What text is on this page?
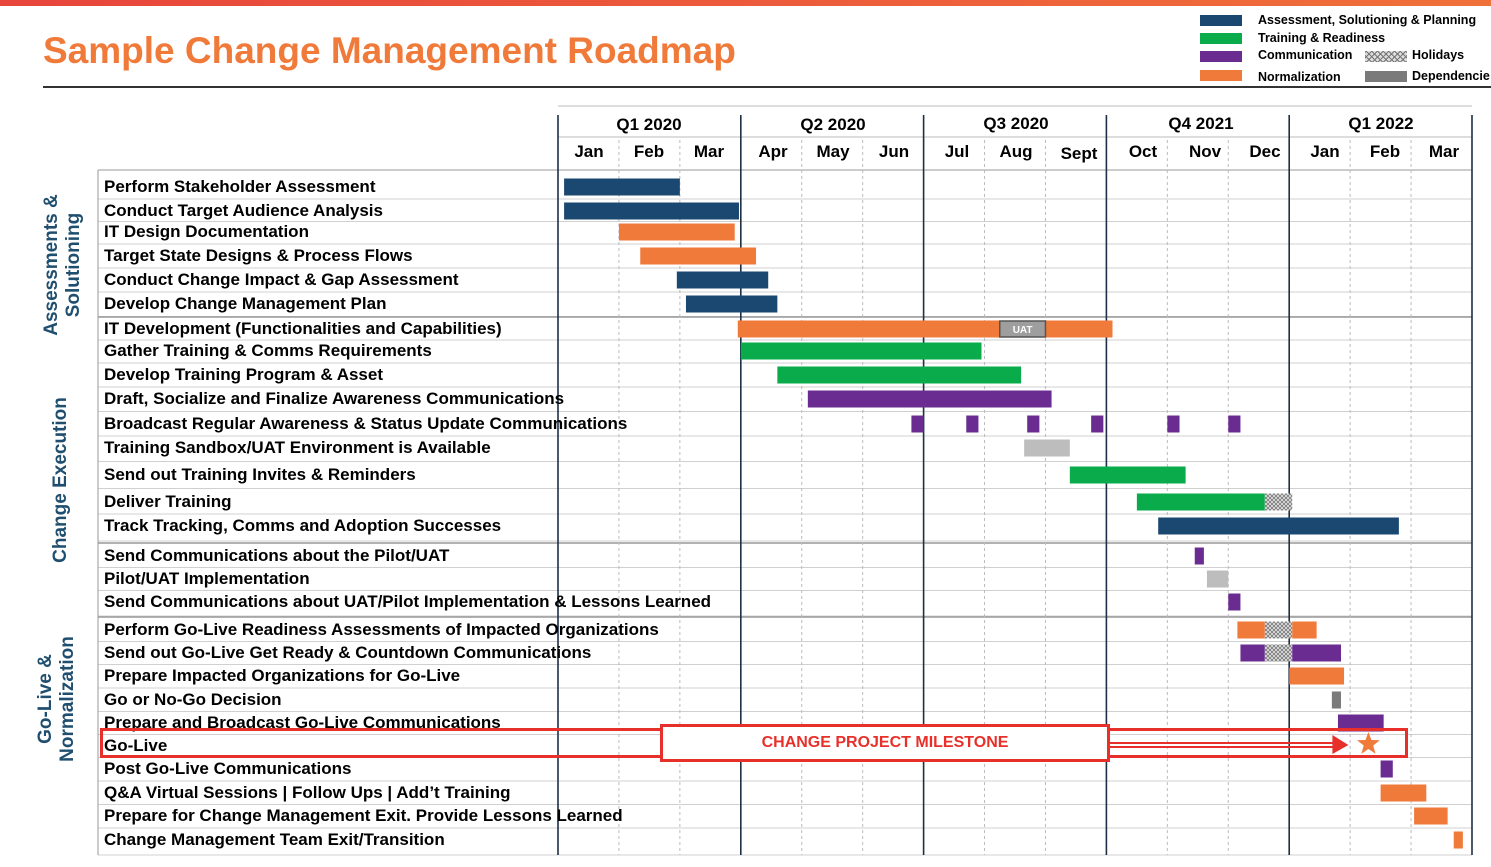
Sample Change Management Roadmap
Assessment, Solutioning & Planning
Training & Readiness
Communication	Holidays
Normalization	Dependencie
Q1 2020	Q2 2020	Q3 2020	Q4 2021	Q1 2022
Jan Feb Mar Apr May Jun Jul Aug Sept Oct Nov Dec Jan Feb Mar
Assessments & Solutioning
Change Execution
Go-Live & Normalization
UAT
Perform Stakeholder Assessment
Conduct Target Audience Analysis
IT Design Documentation
Target State Designs & Process Flows
Conduct Change Impact & Gap Assessment
Develop Change Management Plan
IT Development (Functionalities and Capabilities)
Gather Training & Comms Requirements
Develop Training Program & Asset
Draft, Socialize and Finalize Awareness Communications
Broadcast Regular Awareness & Status Update Communications
Training Sandbox/UAT Environment is Available
Send out Training Invites & Reminders
Deliver Training
Track Tracking, Comms and Adoption Successes
Send Communications about the Pilot/UAT
Pilot/UAT Implementation
Send Communications about UAT/Pilot Implementation & Lessons Learned
Perform Go-Live Readiness Assessments of Impacted Organizations
Send out Go-Live Get Ready & Countdown Communications
Prepare Impacted Organizations for Go-Live
Go or No-Go Decision
Prepare and Broadcast Go-Live Communications
Go-Live
Post Go-Live Communications
Q&A Virtual Sessions | Follow Ups | Add’t Training
Prepare for Change Management Exit. Provide Lessons Learned
Change Management Team Exit/Transition
CHANGE PROJECT MILESTONE
